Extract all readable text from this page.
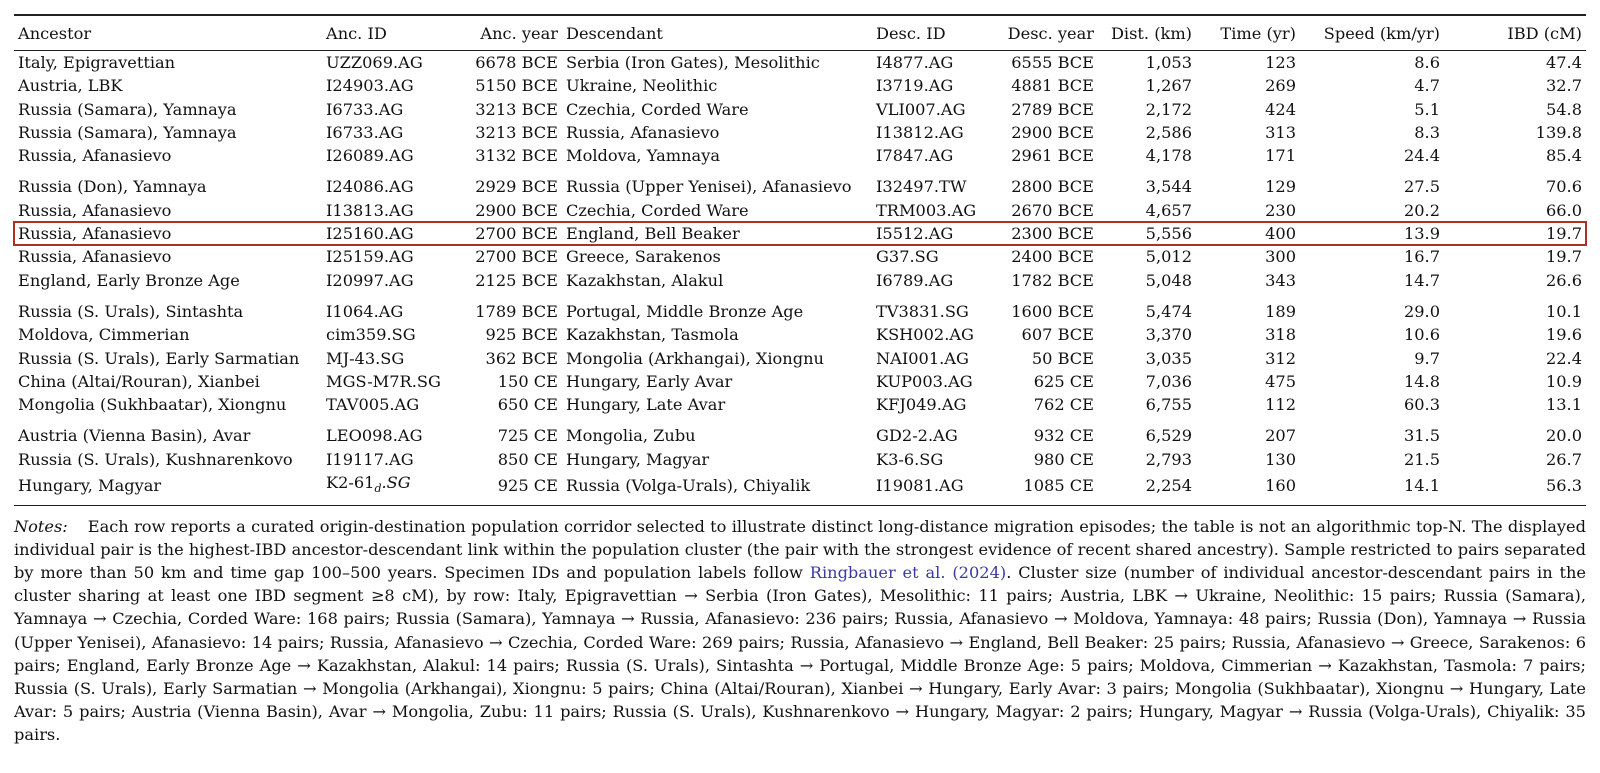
Ancestor	Anc. ID	Anc. year	Descendant	Desc. ID	Desc. year	Dist. (km)	Time (yr)	Speed (km/yr)	IBD (cM)
Italy, Epigravettian	UZZ069.AG	6678 BCE	Serbia (Iron Gates), Mesolithic	I4877.AG	6555 BCE	1,053	123	8.6	47.4
Austria, LBK	I24903.AG	5150 BCE	Ukraine, Neolithic	I3719.AG	4881 BCE	1,267	269	4.7	32.7
Russia (Samara), Yamnaya	I6733.AG	3213 BCE	Czechia, Corded Ware	VLI007.AG	2789 BCE	2,172	424	5.1	54.8
Russia (Samara), Yamnaya	I6733.AG	3213 BCE	Russia, Afanasievo	I13812.AG	2900 BCE	2,586	313	8.3	139.8
Russia, Afanasievo	I26089.AG	3132 BCE	Moldova, Yamnaya	I7847.AG	2961 BCE	4,178	171	24.4	85.4
Russia (Don), Yamnaya	I24086.AG	2929 BCE	Russia (Upper Yenisei), Afanasievo	I32497.TW	2800 BCE	3,544	129	27.5	70.6
Russia, Afanasievo	I13813.AG	2900 BCE	Czechia, Corded Ware	TRM003.AG	2670 BCE	4,657	230	20.2	66.0
Russia, Afanasievo	I25160.AG	2700 BCE	England, Bell Beaker	I5512.AG	2300 BCE	5,556	400	13.9	19.7
Russia, Afanasievo	I25159.AG	2700 BCE	Greece, Sarakenos	G37.SG	2400 BCE	5,012	300	16.7	19.7
England, Early Bronze Age	I20997.AG	2125 BCE	Kazakhstan, Alakul	I6789.AG	1782 BCE	5,048	343	14.7	26.6
Russia (S. Urals), Sintashta	I1064.AG	1789 BCE	Portugal, Middle Bronze Age	TV3831.SG	1600 BCE	5,474	189	29.0	10.1
Moldova, Cimmerian	cim359.SG	925 BCE	Kazakhstan, Tasmola	KSH002.AG	607 BCE	3,370	318	10.6	19.6
Russia (S. Urals), Early Sarmatian	MJ-43.SG	362 BCE	Mongolia (Arkhangai), Xiongnu	NAI001.AG	50 BCE	3,035	312	9.7	22.4
China (Altai/Rouran), Xianbei	MGS-M7R.SG	150 CE	Hungary, Early Avar	KUP003.AG	625 CE	7,036	475	14.8	10.9
Mongolia (Sukhbaatar), Xiongnu	TAV005.AG	650 CE	Hungary, Late Avar	KFJ049.AG	762 CE	6,755	112	60.3	13.1
Austria (Vienna Basin), Avar	LEO098.AG	725 CE	Mongolia, Zubu	GD2-2.AG	932 CE	6,529	207	31.5	20.0
Russia (S. Urals), Kushnarenkovo	I19117.AG	850 CE	Hungary, Magyar	K3-6.SG	980 CE	2,793	130	21.5	26.7
Hungary, Magyar	$K2-61_d.SG$	925 CE	Russia (Volga-Urals), Chiyalik	I19081.AG	1085 CE	2,254	160	14.1	56.3
Notes: Each row reports a curated origin-destination population corridor selected to illustrate distinct long-distance migration episodes; the table is not an algorithmic top-N. The displayed individual pair is the highest-IBD ancestor-descendant link within the population cluster (the pair with the strongest evidence of recent shared ancestry). Sample restricted to pairs separated by more than 50 km and time gap 100–500 years. Specimen IDs and population labels follow Ringbauer et al. (2024). Cluster size (number of individual ancestor-descendant pairs in the cluster sharing at least one IBD segment ≥8 cM), by row: Italy, Epigravettian → Serbia (Iron Gates), Mesolithic: 11 pairs; Austria, LBK → Ukraine, Neolithic: 15 pairs; Russia (Samara), Yamnaya → Czechia, Corded Ware: 168 pairs; Russia (Samara), Yamnaya → Russia, Afanasievo: 236 pairs; Russia, Afanasievo → Moldova, Yamnaya: 48 pairs; Russia (Don), Yamnaya → Russia (Upper Yenisei), Afanasievo: 14 pairs; Russia, Afanasievo → Czechia, Corded Ware: 269 pairs; Russia, Afanasievo → England, Bell Beaker: 25 pairs; Russia, Afanasievo → Greece, Sarakenos: 6 pairs; England, Early Bronze Age → Kazakhstan, Alakul: 14 pairs; Russia (S. Urals), Sintashta → Portugal, Middle Bronze Age: 5 pairs; Moldova, Cimmerian → Kazakhstan, Tasmola: 7 pairs; Russia (S. Urals), Early Sarmatian → Mongolia (Arkhangai), Xiongnu: 5 pairs; China (Altai/Rouran), Xianbei → Hungary, Early Avar: 3 pairs; Mongolia (Sukhbaatar), Xiongnu → Hungary, Late Avar: 5 pairs; Austria (Vienna Basin), Avar → Mongolia, Zubu: 11 pairs; Russia (S. Urals), Kushnarenkovo → Hungary, Magyar: 2 pairs; Hungary, Magyar → Russia (Volga-Urals), Chiyalik: 35 pairs.
